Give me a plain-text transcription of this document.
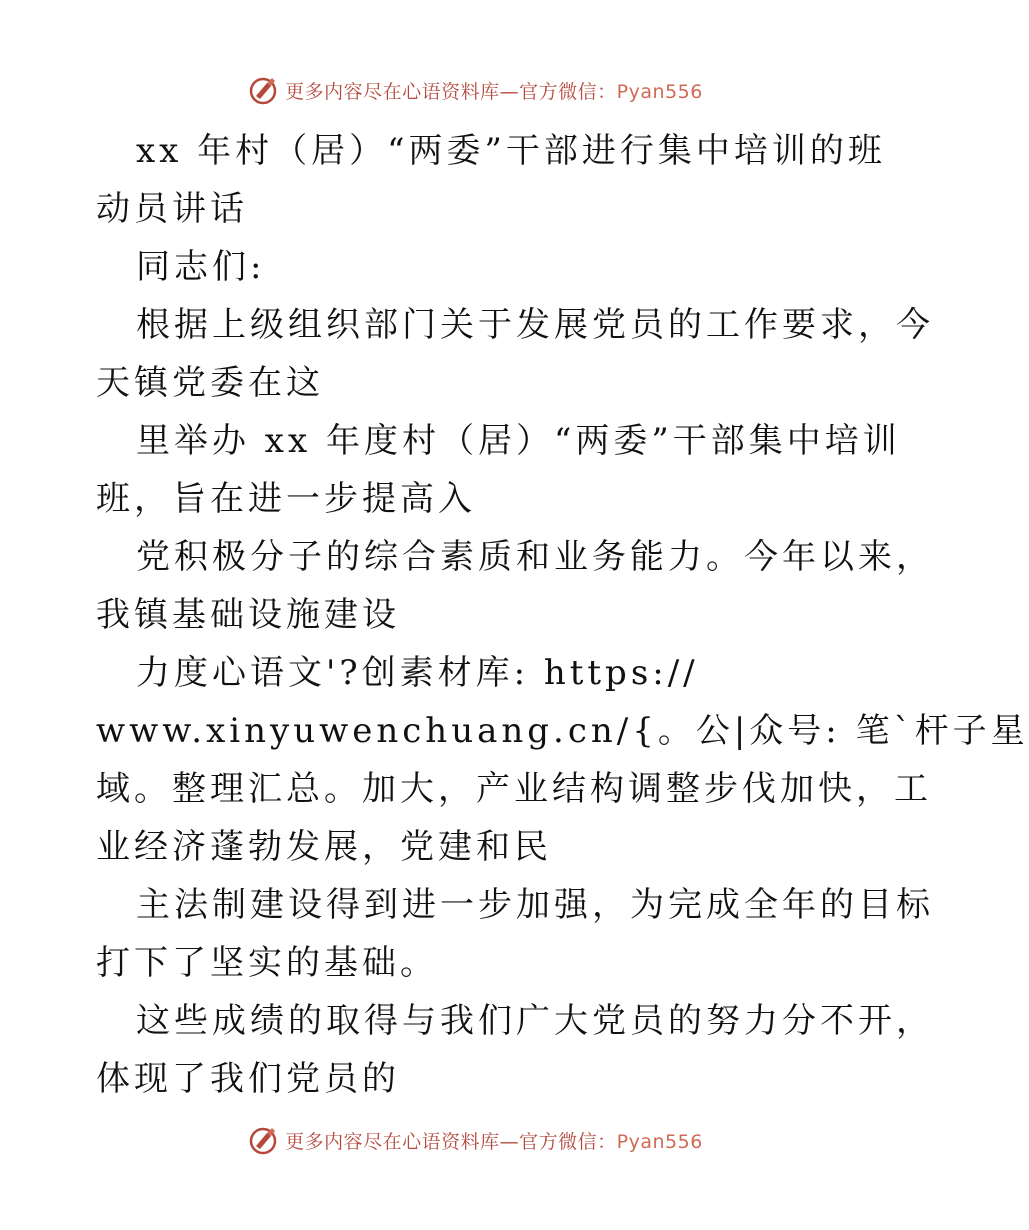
更多内容尽在心语资料库—官方微信：Pyan556
xx 年村（居）“两委”干部进行集中培训的班
动员讲话
同志们:
根据上级组织部门关于发展党员的工作要求，今
天镇党委在这
里举办 xx 年度村（居）“两委”干部集中培训
班，旨在进一步提高入
党积极分子的综合素质和业务能力。今年以来，
我镇基础设施建设
力度心语文'?创素材库: https://
www.xinyuwenchuang.cn/{。公|众号: 笔`杆子星
域。整理汇总。加大，产业结构调整步伐加快，工
业经济蓬勃发展，党建和民
主法制建设得到进一步加强，为完成全年的目标
打下了坚实的基础。
这些成绩的取得与我们广大党员的努力分不开，
体现了我们党员的
更多内容尽在心语资料库—官方微信：Pyan556
